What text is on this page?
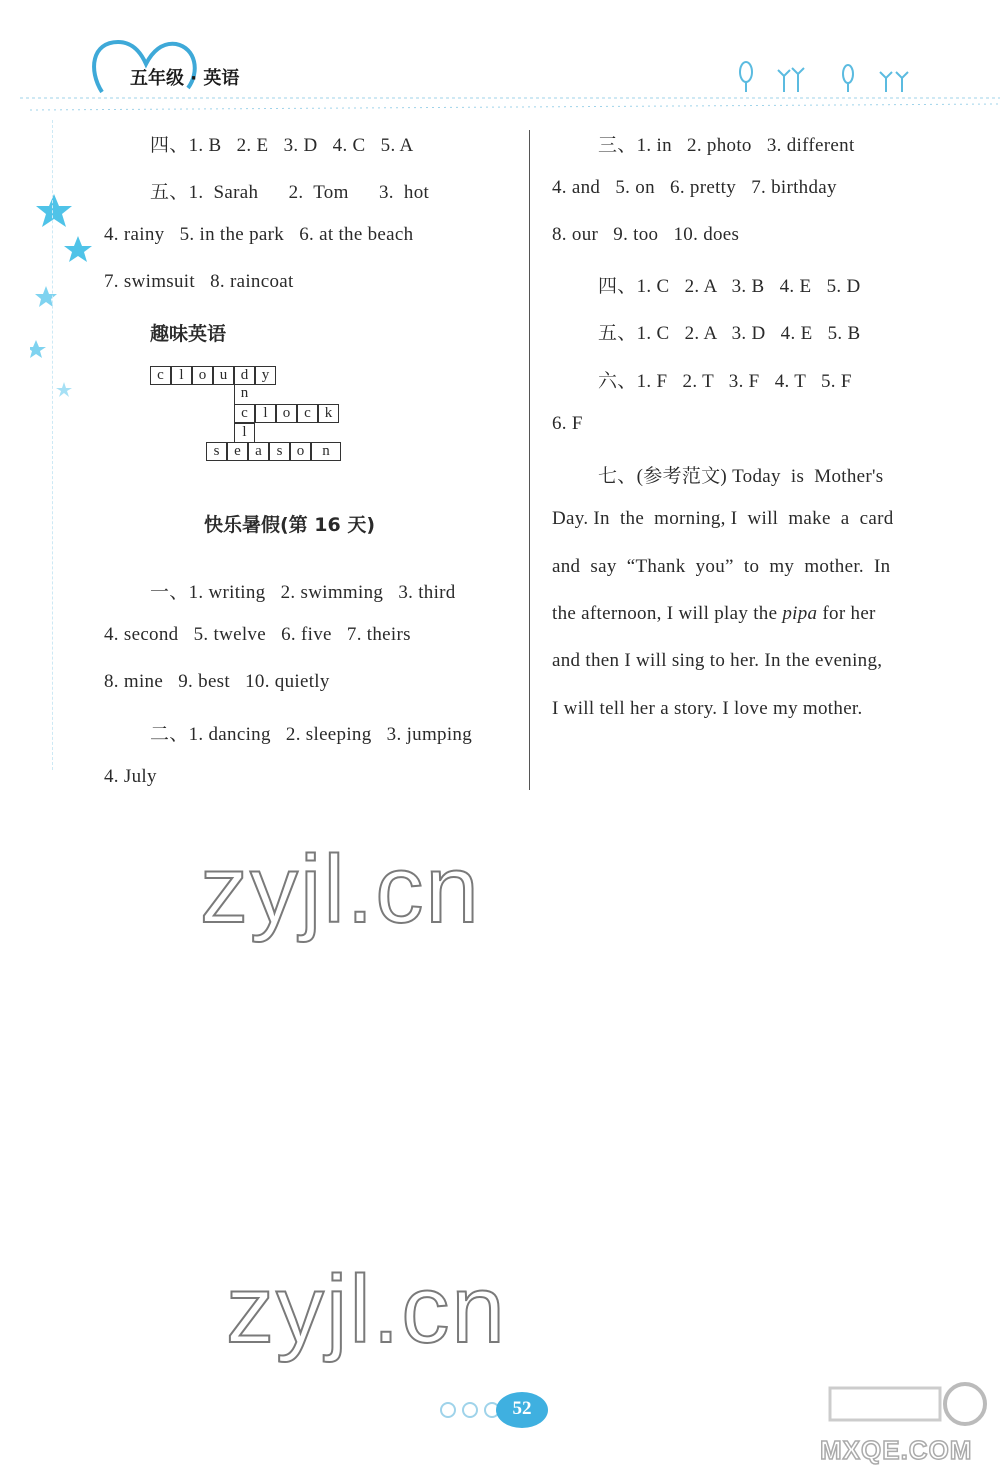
五年级 · 英语
四、1. B   2. E   3. D   4. C   5. A
五、1.  Sarah      2.  Tom      3.  hot
4. rainy   5. in the park   6. at the beach
7. swimsuit   8. raincoat
趣味英语
c	l	o u d y
n
c	l	o c k
l
s e a s o	n
快乐暑假(第 16 天)
一、1. writing   2. swimming   3. third
4. second   5. twelve   6. five   7. theirs
8. mine   9. best   10. quietly
二、1. dancing   2. sleeping   3. jumping
4. July
三、1. in   2. photo   3. different
4. and   5. on   6. pretty   7. birthday
8. our   9. too   10. does
四、1. C   2. A   3. B   4. E   5. D
五、1. C   2. A   3. D   4. E   5. B
六、1. F   2. T   3. F   4. T   5. F
6. F
七、(参考范文) Today  is  Mother's
Day. In  the  morning, I  will  make  a  card
and  say  “Thank  you”  to  my  mother.  In
the afternoon, I will play the pipa for her
and then I will sing to her. In the evening,
I will tell her a story. I love my mother.
zyjl.cn
zyjl.cn
52
MXQE.COM
